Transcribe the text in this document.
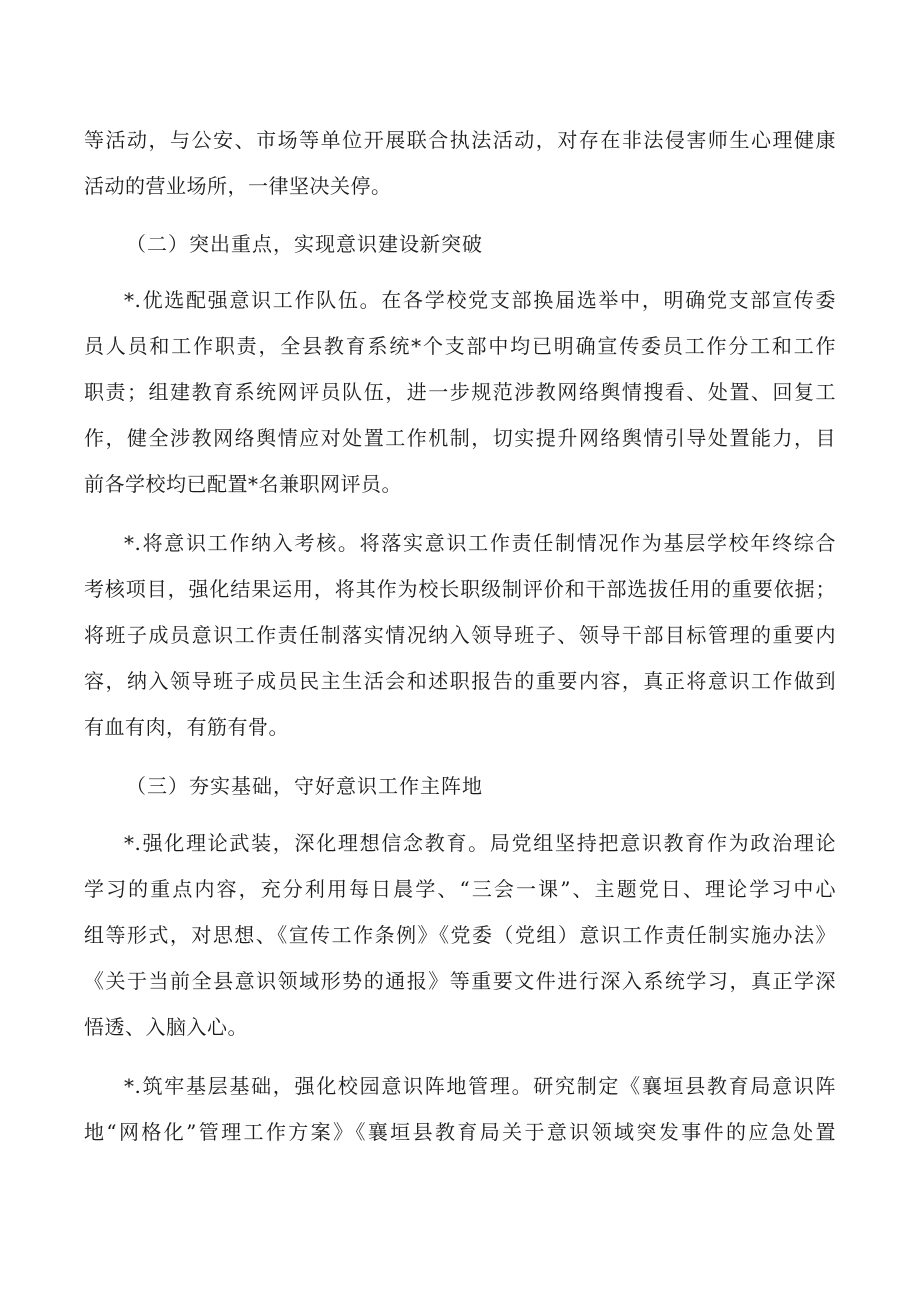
等活动，与公安、市场等单位开展联合执法活动，对存在非法侵害师生心理健康
活动的营业场所，一律坚决关停。
（二）突出重点，实现意识建设新突破
*.优选配强意识工作队伍。在各学校党支部换届选举中，明确党支部宣传委
员人员和工作职责，全县教育系统*个支部中均已明确宣传委员工作分工和工作
职责；组建教育系统网评员队伍，进一步规范涉教网络舆情搜看、处置、回复工
作，健全涉教网络舆情应对处置工作机制，切实提升网络舆情引导处置能力，目
前各学校均已配置*名兼职网评员。
*.将意识工作纳入考核。将落实意识工作责任制情况作为基层学校年终综合
考核项目，强化结果运用，将其作为校长职级制评价和干部选拔任用的重要依据；
将班子成员意识工作责任制落实情况纳入领导班子、领导干部目标管理的重要内
容，纳入领导班子成员民主生活会和述职报告的重要内容，真正将意识工作做到
有血有肉，有筋有骨。
（三）夯实基础，守好意识工作主阵地
*.强化理论武装，深化理想信念教育。局党组坚持把意识教育作为政治理论
学习的重点内容，充分利用每日晨学、“三会一课”、主题党日、理论学习中心
组等形式，对思想、《宣传工作条例》《党委（党组）意识工作责任制实施办法》
《关于当前全县意识领域形势的通报》等重要文件进行深入系统学习，真正学深
悟透、入脑入心。
*.筑牢基层基础，强化校园意识阵地管理。研究制定《襄垣县教育局意识阵
地“网格化”管理工作方案》《襄垣县教育局关于意识领域突发事件的应急处置
